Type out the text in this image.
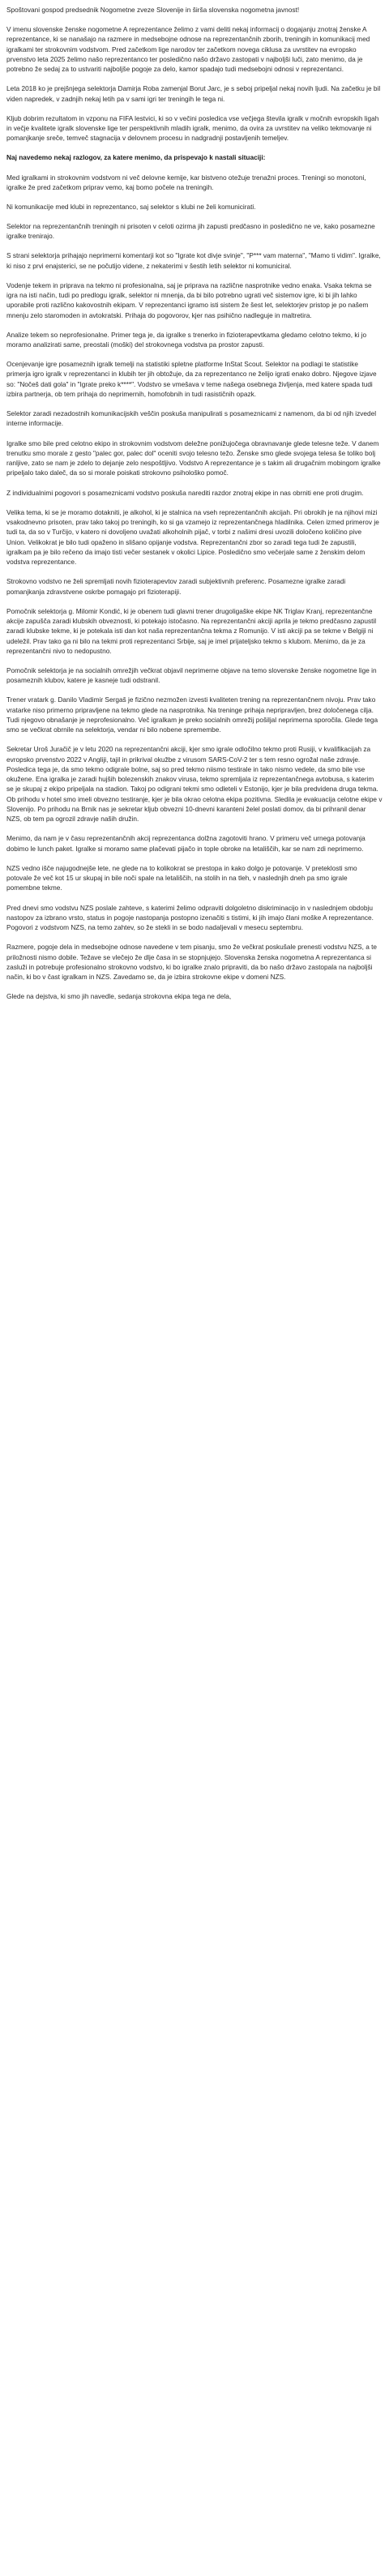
Spoštovani gospod predsednik Nogometne zveze Slovenije in širša slovenska nogometna javnost!

V imenu slovenske ženske nogometne A reprezentance želimo z vami deliti nekaj informacij o dogajanju znotraj ženske A reprezentance, ki se nanašajo na razmere in medsebojne odnose na reprezentančnih zborih, treningih in komunikacij med igralkami ter strokovnim vodstvom. Pred začetkom lige narodov ter začetkom novega ciklusa za uvrstitev na evropsko prvenstvo leta 2025 želimo našo reprezentanco ter posledično našo državo zastopati v najboljši luči, zato menimo, da je potrebno že sedaj za to ustvariti najboljše pogoje za delo, kamor spadajo tudi medsebojni odnosi v reprezentanci.

Leta 2018 ko je prejšnjega selektorja Damirja Roba zamenjal Borut Jarc, je s seboj pripeljal nekaj novih ljudi. Na začetku je bil viden napredek, v zadnjih nekaj letih pa v sami igri ter treningih le tega ni.

Kljub dobrim rezultatom in vzponu na FIFA lestvici, ki so v večini posledica vse večjega števila igralk v močnih evropskih ligah in večje kvalitete igralk slovenske lige ter perspektivnih mladih igralk, menimo, da ovira za uvrstitev na veliko tekmovanje ni pomanjkanje sreče, temveč stagnacija v delovnem procesu in nadgradnji postavljenih temeljev.

Naj navedemo nekaj razlogov, za katere menimo, da prispevajo k nastali situaciji:

Med igralkami in strokovnim vodstvom ni več delovne kemije, kar bistveno otežuje trenažni proces. Treningi so monotoni, igralke že pred začetkom priprav vemo, kaj bomo počele na treningih.

Ni komunikacije med klubi in reprezentanco, saj selektor s klubi ne želi komunicirati.

Selektor na reprezentančnih treningih ni prisoten v celoti ozirma jih zapusti predčasno in posledično ne ve, kako posamezne igralke trenirajo.

S strani selektorja prihajajo neprimerni komentarji kot so "Igrate kot divje svinje", "P*** vam materna", "Mamo ti vidim". Igralke, ki niso z prvi enajsterici, se ne počutijo videne, z nekaterimi v šestih letih selektor ni komuniciral.

Vodenje tekem in priprava na tekmo ni profesionalna, saj je priprava na različne nasprotnike vedno enaka. Vsaka tekma se igra na isti način, tudi po predlogu igralk, selektor ni mnenja, da bi bilo potrebno ugrati več sistemov igre, ki bi jih lahko uporabile proti različno kakovostnih ekipam. V reprezentanci igramo isti sistem že šest let, selektorjev pristop je po našem mnenju zelo staromoden in avtokratski. Prihaja do pogovorov, kjer nas psihično nadleguje in maltretira.

Analize tekem so neprofesionalne. Primer tega je, da igralke s trenerko in fizioterapevtkama gledamo celotno tekmo, ki jo moramo analizirati same, preostali (moški) del strokovnega vodstva pa prostor zapusti.

Ocenjevanje igre posameznih igralk temelji na statistiki spletne platforme InStat Scout. Selektor na podlagi te statistike primerja igro igralk v reprezentanci in klubih ter jih obtožuje, da za reprezentanco ne želijo igrati enako dobro. Njegove izjave so: "Nočeš dati gola" in "Igrate preko k****". Vodstvo se vmešava v teme našega osebnega življenja, med katere spada tudi izbira partnerja, ob tem prihaja do neprimernih, homofobnih in tudi rasističnih opazk.

Selektor zaradi nezadostnih komunikacijskih veščin poskuša manipulirati s posameznicami z namenom, da bi od njih izvedel interne informacije.

Igralke smo bile pred celotno ekipo in strokovnim vodstvom deležne ponižujočega obravnavanje glede telesne teže. V danem trenutku smo morale z gesto "palec gor, palec dol" oceniti svojo telesno težo. Ženske smo glede svojega telesa še toliko bolj ranljive, zato se nam je zdelo to dejanje zelo nespoštljivo. Vodstvo A reprezentance je s takim ali drugačnim mobingom igralke pripeljalo tako daleč, da so si morale poiskati strokovno psihološko pomoč.

Z individualnimi pogovori s posameznicami vodstvo poskuša narediti razdor znotraj ekipe in nas obrniti ene proti drugim.

Velika tema, ki se je moramo dotakniti, je alkohol, ki je stalnica na vseh reprezentančnih akcijah. Pri obrokih je na njihovi mizi vsakodnevno prisoten, prav tako takoj po treningih, ko si ga vzamejo iz reprezentančnega hladilnika. Celen izmed primerov je tudi ta, da so v Turčijo, v katero ni dovoljeno uvažati alkoholnih pijač, v torbi z našimi dresi uvozili določeno količino pive Union. Velikokrat je bilo tudi opaženo in slišano opijanje vodstva. Reprezentančni zbor so zaradi tega tudi že zapustili, igralkam pa je bilo rečeno da imajo tisti večer sestanek v okolici Lipice. Posledično smo večerjale same z ženskim delom vodstva reprezentance.

Strokovno vodstvo ne želi spremljati novih fizioterapevtov zaradi subjektivnih preferenc. Posamezne igralke zaradi pomanjkanja zdravstvene oskrbe pomagajo pri fizioterapiji.

Pomočnik selektorja g. Milomir Kondić, ki je obenem tudi glavni trener drugoligaške ekipe NK Triglav Kranj, reprezentančne akcije zapušča zaradi klubskih obveznosti, ki potekajo istočasno. Na reprezentančni akciji aprila je tekmo predčasno zapustil zaradi klubske tekme, ki je potekala isti dan kot naša reprezentančna tekma z Romunijo. V isti akciji pa se tekme v Belgiji ni udeležil. Prav tako ga ni bilo na tekmi proti reprezentanci Srbije, saj je imel prijateljsko tekmo s klubom. Menimo, da je za reprezentančni nivo to nedopustno.

Pomočnik selektorja je na socialnih omrežjih večkrat objavil neprimerne objave na temo slovenske ženske nogometne lige in posameznih klubov, katere je kasneje tudi odstranil.

Trener vratark g. Danilo Vladimir Sergaš je fizično nezmožen izvesti kvaliteten trening na reprezentančnem nivoju. Prav tako vratarke niso primerno pripravljene na tekmo glede na nasprotnika. Na treninge prihaja nepripravljen, brez določenega cilja. Tudi njegovo obnašanje je neprofesionalno. Več igralkam je preko socialnih omrežij pošiljal neprimerna sporočila. Glede tega smo se večkrat obrnile na selektorja, vendar ni bilo nobene spremembe.

Sekretar Uroš Juračič je v letu 2020 na reprezentančni akciji, kjer smo igrale odločilno tekmo proti Rusiji, v kvalifikacijah za evropsko prvenstvo 2022 v Angliji, tajil in prikrival okužbe z virusom SARS-CoV-2 ter s tem resno ogrožal naše zdravje. Posledica tega je, da smo tekmo odigrale bolne, saj so pred tekmo niismo testirale in tako nismo vedele, da smo bile vse okužene. Ena igralka je zaradi hujših bolezenskih znakov virusa, tekmo spremljala iz reprezentančnega avtobusa, s katerim se je skupaj z ekipo pripeljala na stadion. Takoj po odigrani tekmi smo odleteli v Estonijo, kjer je bila predvidena druga tekma. Ob prihodu v hotel smo imeli obvezno testiranje, kjer je bila okrao celotna ekipa pozitivna. Sledila je evakuacija celotne ekipe v Slovenijo. Po prihodu na Brnik nas je sekretar kljub obvezni 10-dnevni karanteni želel poslati domov, da bi prihranil denar NZS, ob tem pa ogrozil zdravje naših družin.

Menimo, da nam je v času reprezentančnih akcij reprezentanca dolžna zagotoviti hrano. V primeru več urnega potovanja dobimo le lunch paket. Igralke si moramo same plačevati pijačo in tople obroke na letališčih, kar se nam zdi neprimerno.

NZS vedno išče najugodnejše lete, ne glede na to kolikokrat se prestopa in kako dolgo je potovanje. V preteklosti smo potovale že več kot 15 ur skupaj in bile noči spale na letališčih, na stolih in na tleh, v naslednjih dneh pa smo igrale pomembne tekme.

Pred dnevi smo vodstvu NZS poslale zahteve, s katerimi želimo odpraviti dolgoletno diskriminacijo in v naslednjem obdobju nastopov za izbrano vrsto, status in pogoje nastopanja postopno izenačiti s tistimi, ki jih imajo člani moške A reprezentance. Pogovori z vodstvom NZS, na temo zahtev, so že stekli in se bodo nadaljevali v mesecu septembru.

Razmere, pogoje dela in medsebojne odnose navedene v tem pisanju, smo že večkrat poskušale prenesti vodstvu NZS, a te priložnosti nismo dobile. Težave se vlečejo že dlje časa in se stopnjujejo. Slovenska ženska nogometna A reprezentanca si zasluži in potrebuje profesionalno strokovno vodstvo, ki bo igralke znalo pripraviti, da bo našo državo zastopala na najboljši način, ki bo v čast igralkam in NZS. Zavedamo se, da je izbira strokovne ekipe v domeni NZS.

Glede na dejstva, ki smo jih navedle, sedanja strokovna ekipa tega ne dela,
